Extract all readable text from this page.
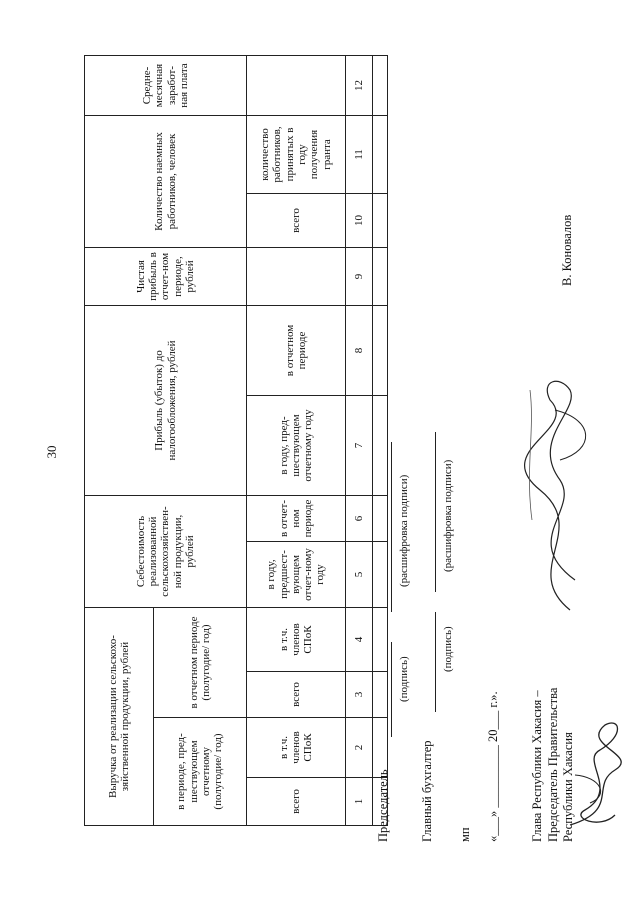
30
Выручка от реализации сельскохо-зяйственной продукции, рублей				Себестоимость реализованной сельскохозяйствен-ной продукции, рублей		Прибыль (убыток) до налогообложения, рублей		Чистая прибыль в отчет-ном периоде, рублей	Количество наемных работников, человек		Средне-месячная заработ-ная плата
в периоде, пред-шествующем отчетному (полугодие/ год)		в отчетном периоде (полугодие/ год)									
всего	в т.ч. членов СПоК	всего	в т.ч. членов СПоК	в году, предшест-вующем отчет-ному году	в отчет-ном периоде	в году, пред-шествующем отчетному году	в отчетном периоде		всего	количество работников, принятых в году получения гранта	
1	2	3	4	5	6	7	8	9	10	11	12

Председатель
(подпись)
(расшифровка подписи)
Главный бухгалтер
(подпись)
(расшифровка подписи)
мп	«___» __________ 20___ г.».	Глава Республики Хакасия – Председатель Правительства Республики Хакасия
В. Коновалов
